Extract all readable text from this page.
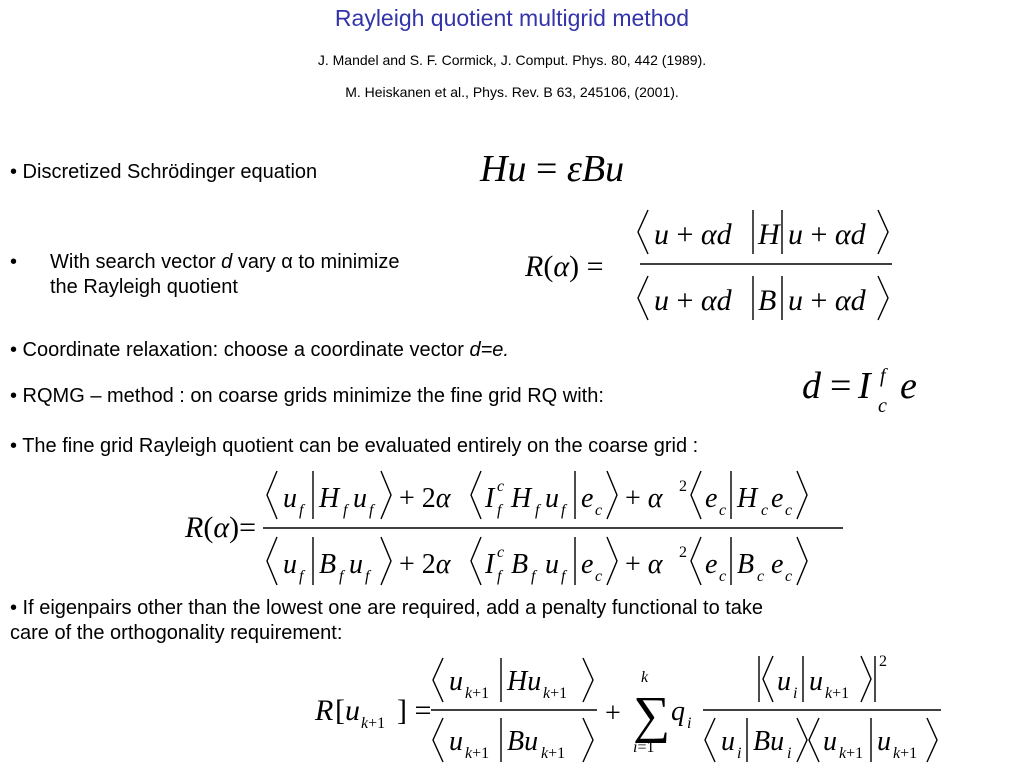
Rayleigh quotient multigrid method
J. Mandel and S. F. Cormick, J. Comput. Phys. 80, 442 (1989).
M. Heiskanen et al., Phys. Rev. B 63, 245106, (2001).
• Discretized Schrödinger equation	Hu = εBu
• With search vector d vary α to minimize
the Rayleigh quotient
R(α) =
u + αd H u + αd
u + αd B u + αd
• Coordinate relaxation: choose a coordinate vector d=e.
• RQMG – method : on coarse grids minimize the fine grid RQ with:	d = I f
c e
• The fine grid Rayleigh quotient can be evaluated entirely on the coarse grid :
R(α)=
u f H f u f + 2α I c
f H f u f e c + α 2 e c H c e c
u f B f u f + 2α I c
f B f u f e c + α 2 e c B c e c
• If eigenpairs other than the lowest one are required, add a penalty functional to take
care of the orthogonality requirement:
R [ u k+1 ] =
u k+1 Hu k+1
u k+1 Bu k+1
+
k
∑
i=1
q i
u i u k+1
2
u i Bu i u k+1 u k+1
